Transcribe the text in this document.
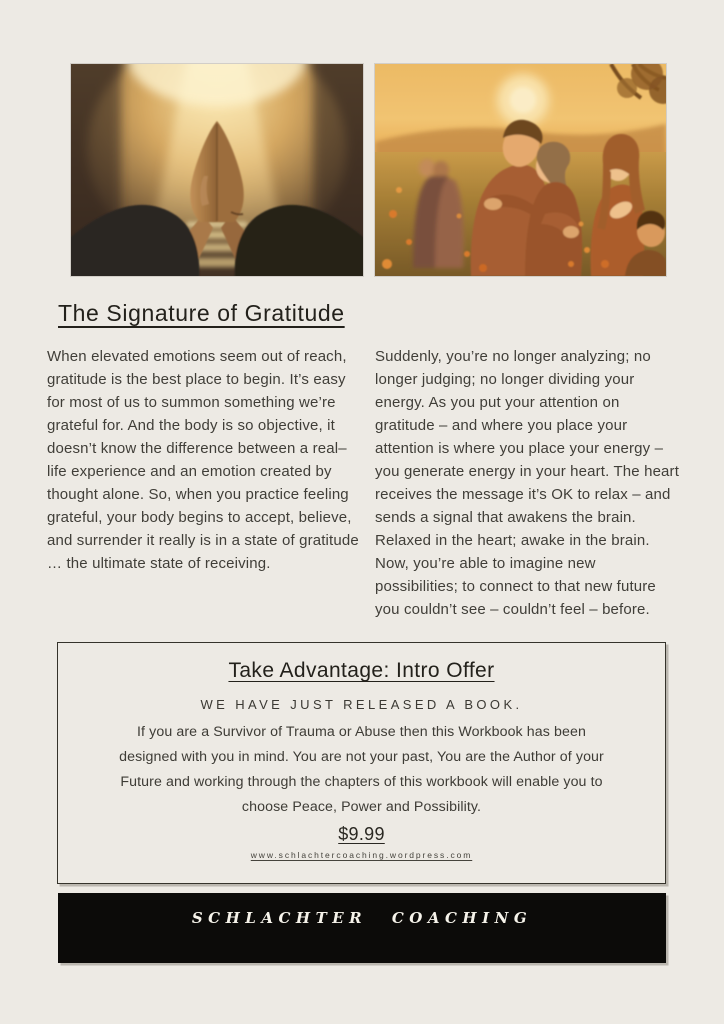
The Signature of Gratitude
When elevated emotions seem out of reach, gratitude is the best place to begin. It’s easy for most of us to summon something we’re grateful for. And the body is so objective, it doesn’t know the difference between a real–life experience and an emotion created by thought alone. So, when you practice feeling grateful, your body begins to accept, believe, and surrender it really is in a state of gratitude … the ultimate state of receiving.
Suddenly, you’re no longer analyzing; no longer judging; no longer dividing your energy. As you put your attention on gratitude – and where you place your attention is where you place your energy – you generate energy in your heart. The heart receives the message it’s OK to relax – and sends a signal that awakens the brain. Relaxed in the heart; awake in the brain. Now, you’re able to imagine new possibilities; to connect to that new future you couldn’t see – couldn’t feel – before.
Take Advantage: Intro Offer
WE HAVE JUST RELEASED A BOOK.
If you are a Survivor of Trauma or Abuse then this Workbook has been designed with you in mind. You are not your past, You are the Author of your Future and working through the chapters of this workbook will enable you to choose Peace, Power and Possibility.
$9.99
www.schlachtercoaching.wordpress.com
SCHLACHTER COACHING
